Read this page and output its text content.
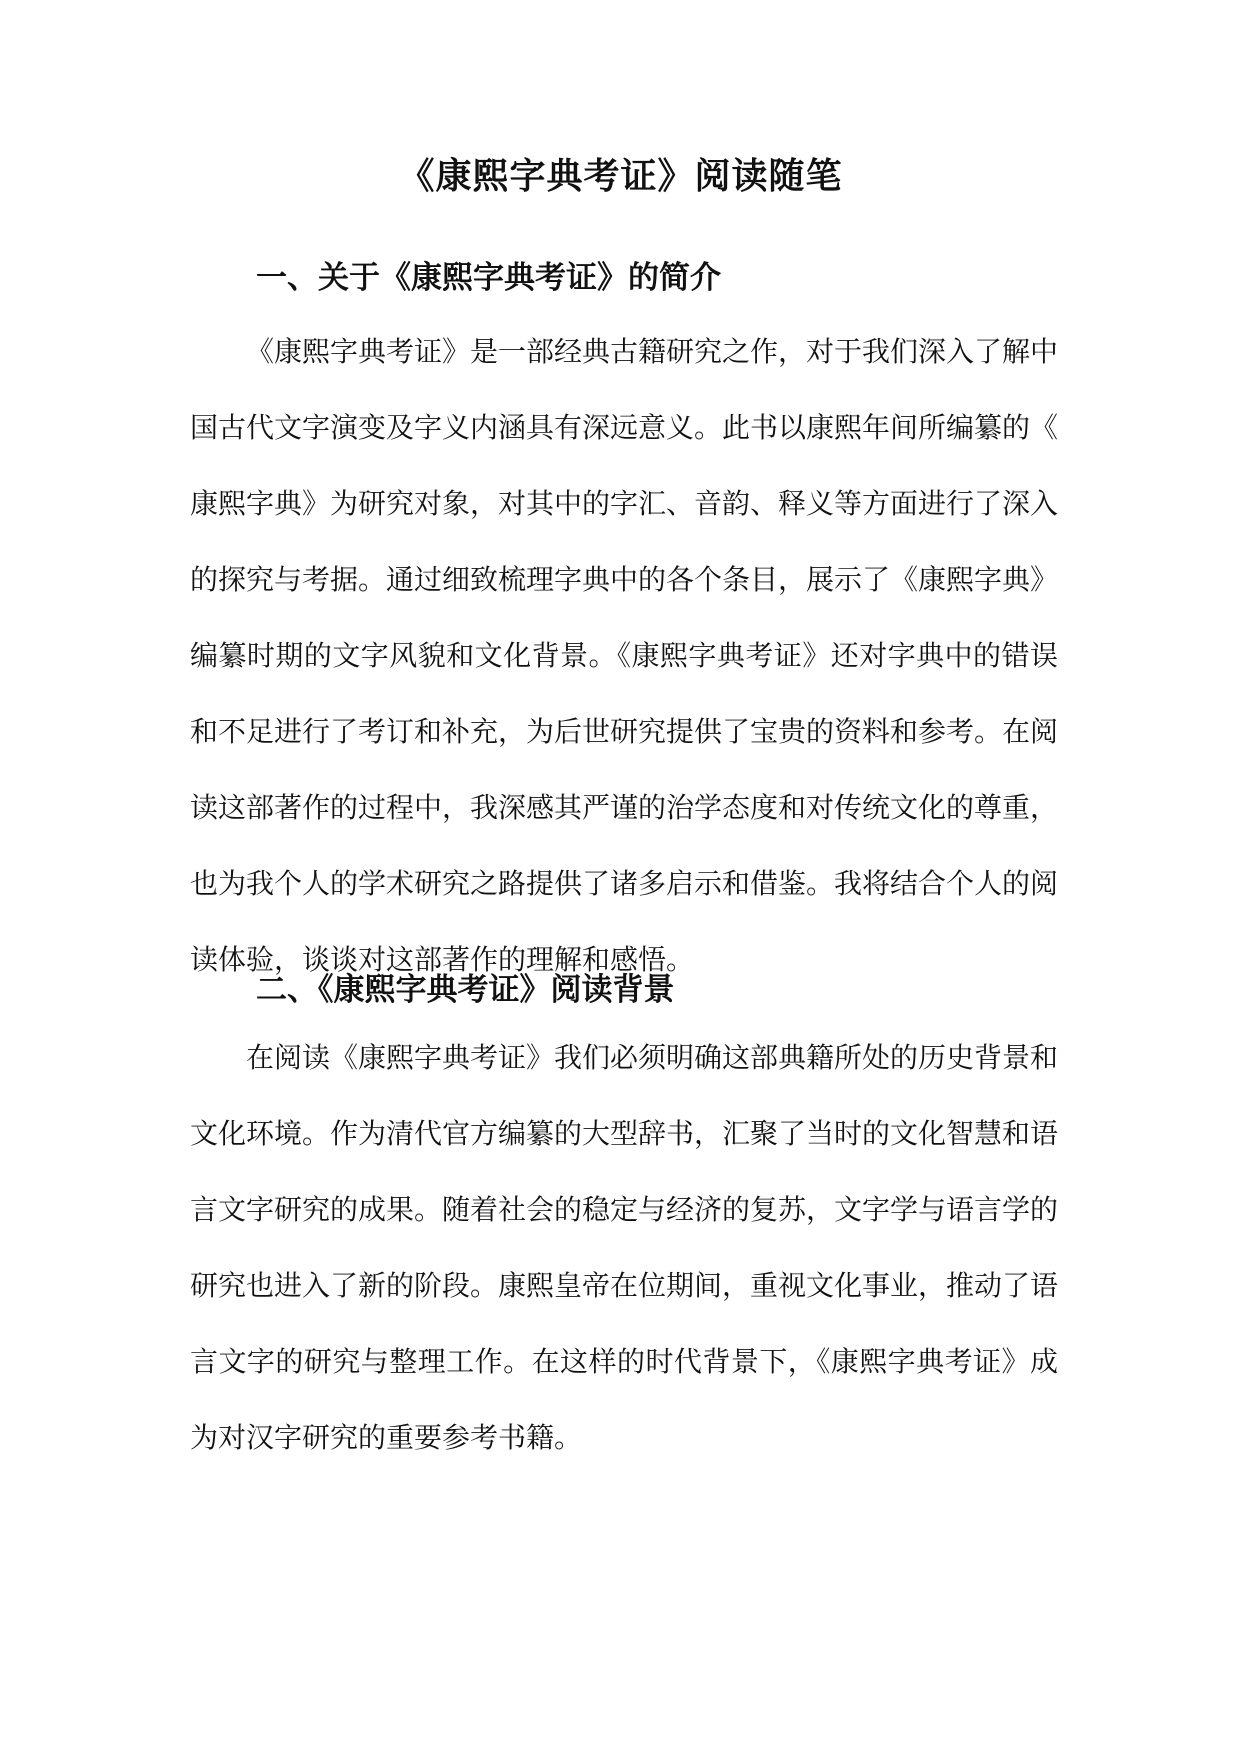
《康熙字典考证》阅读随笔
一、关于《康熙字典考证》的简介

《康熙字典考证》是一部经典古籍研究之作，对于我们深入了解中国古代文字演变及字义内涵具有深远意义。此书以康熙年间所编纂的《康熙字典》为研究对象，对其中的字汇、音韵、释义等方面进行了深入的探究与考据。通过细致梳理字典中的各个条目，展示了《康熙字典》编纂时期的文字风貌和文化背景。《康熙字典考证》还对字典中的错误和不足进行了考订和补充，为后世研究提供了宝贵的资料和参考。在阅读这部著作的过程中，我深感其严谨的治学态度和对传统文化的尊重，也为我个人的学术研究之路提供了诸多启示和借鉴。我将结合个人的阅读体验，谈谈对这部著作的理解和感悟。

二、《康熙字典考证》阅读背景

在阅读《康熙字典考证》我们必须明确这部典籍所处的历史背景和文化环境。作为清代官方编纂的大型辞书，汇聚了当时的文化智慧和语言文字研究的成果。随着社会的稳定与经济的复苏，文字学与语言学的研究也进入了新的阶段。康熙皇帝在位期间，重视文化事业，推动了语言文字的研究与整理工作。在这样的时代背景下，《康熙字典考证》成为对汉字研究的重要参考书籍。
